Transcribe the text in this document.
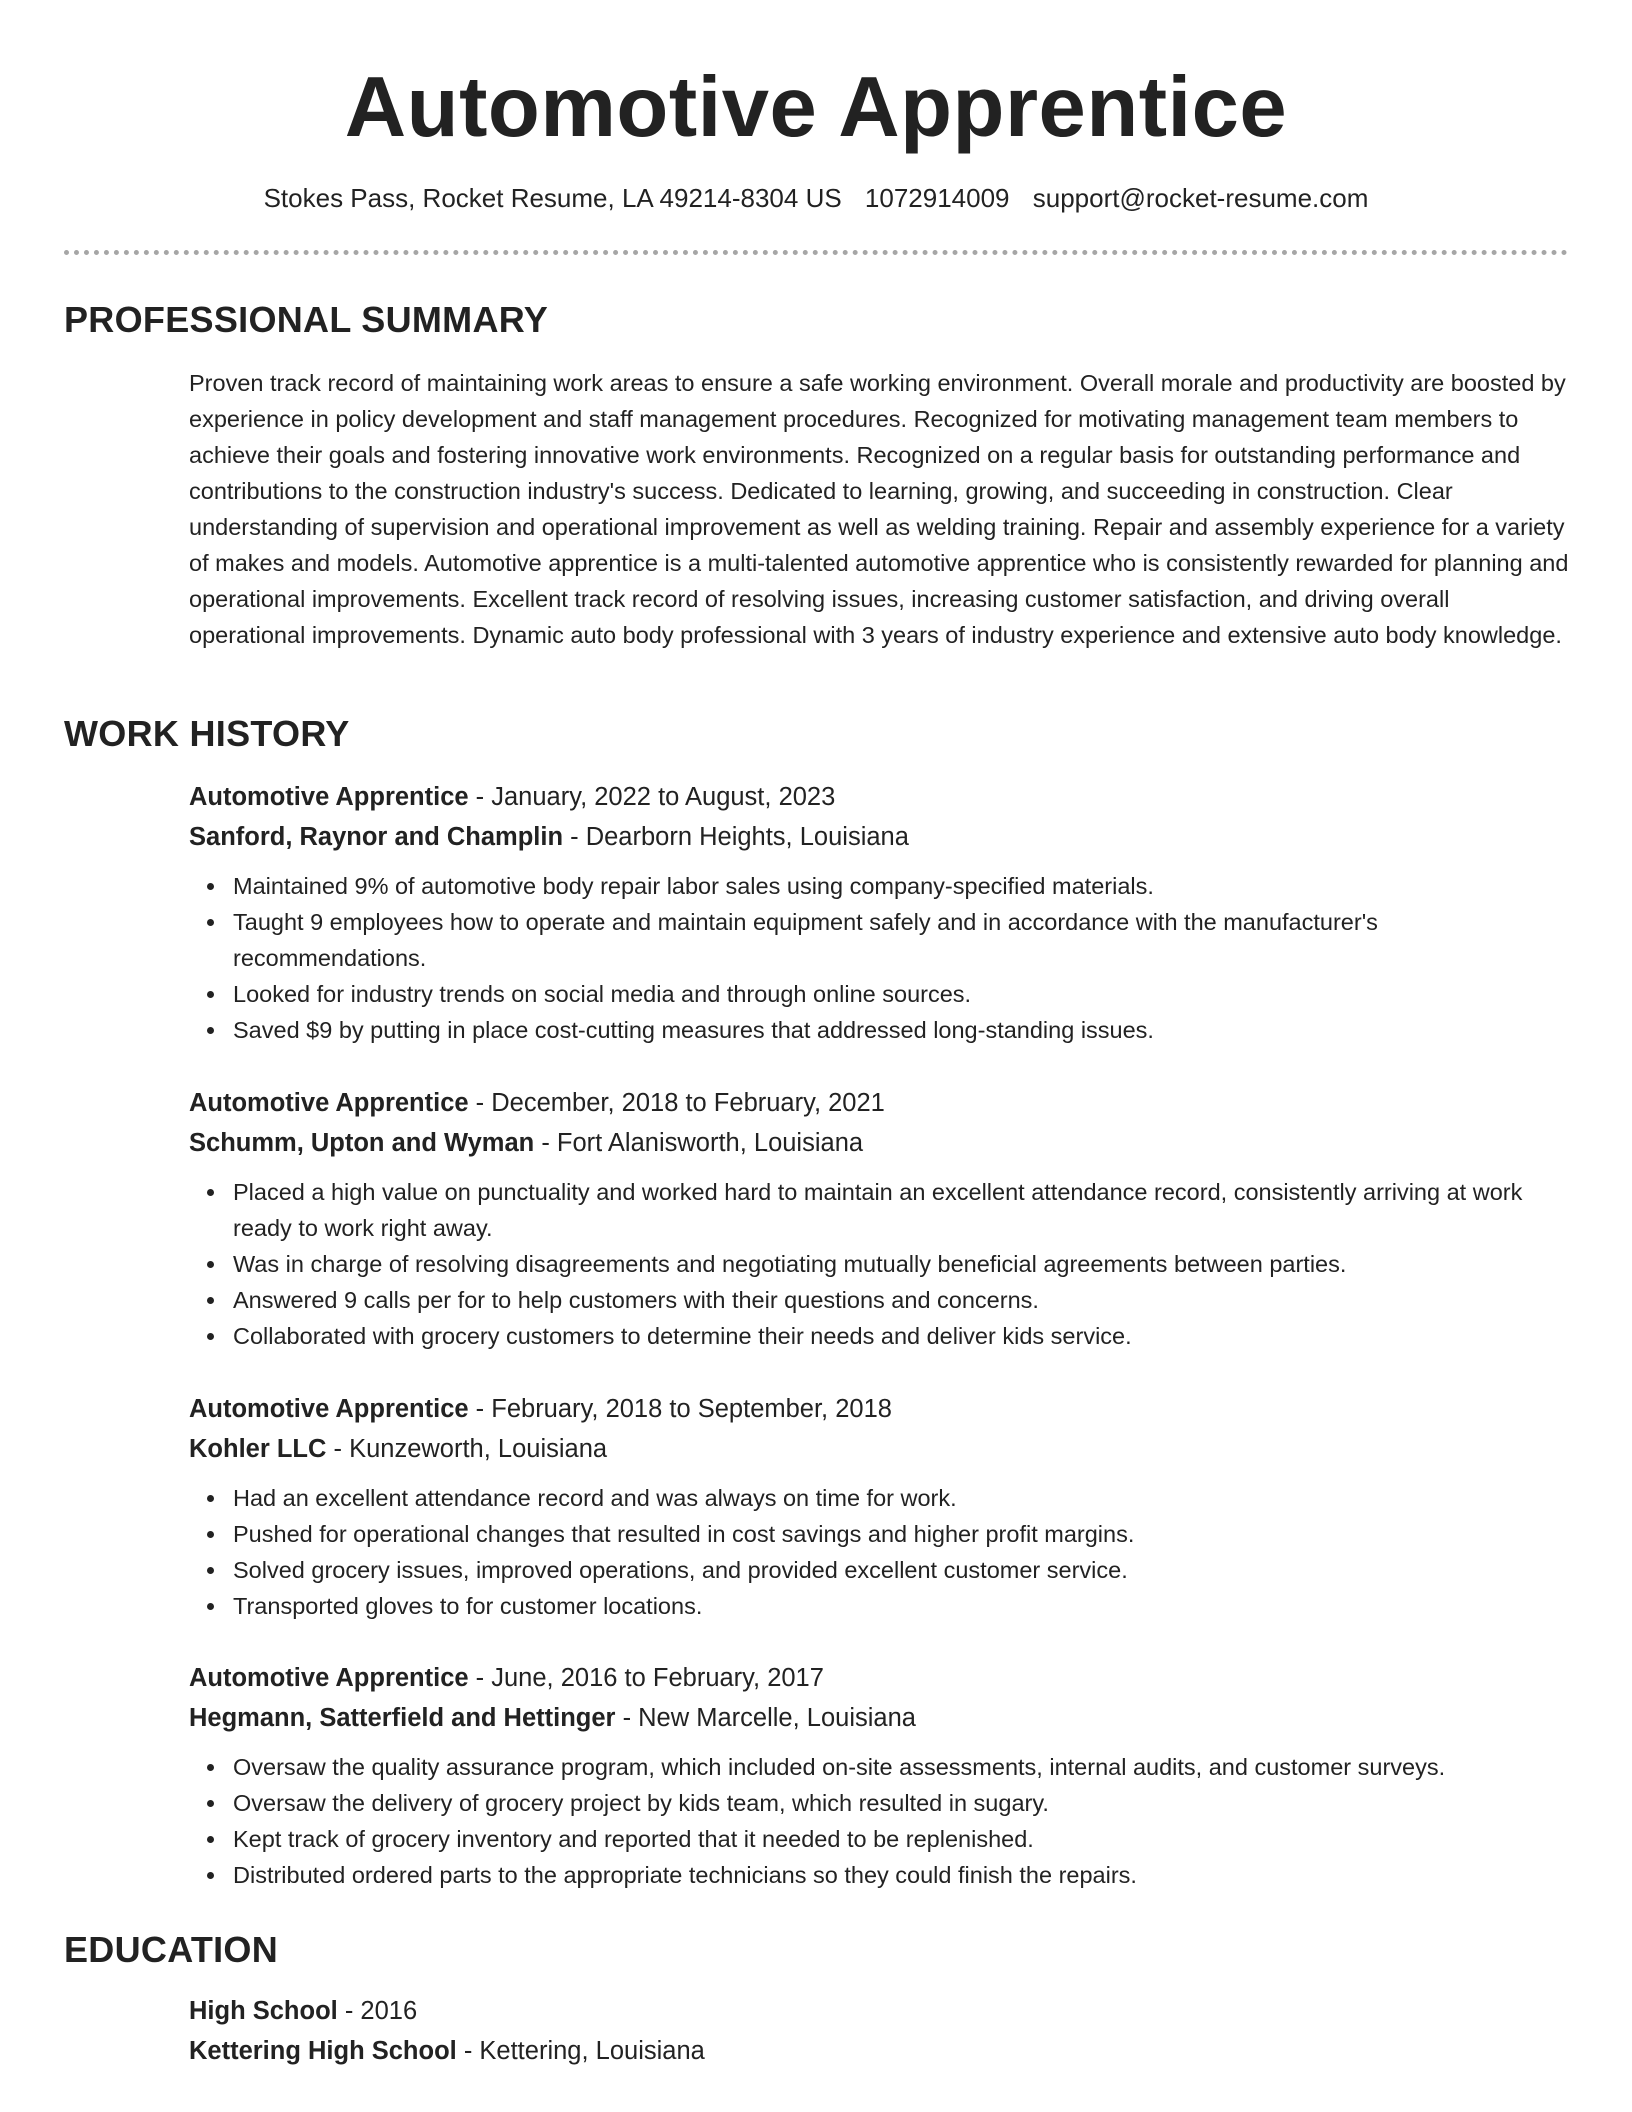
Automotive Apprentice
Stokes Pass, Rocket Resume, LA 49214-8304 US 1072914009 support@rocket-resume.com
PROFESSIONAL SUMMARY
Proven track record of maintaining work areas to ensure a safe working environment. Overall morale and productivity are boosted by experience in policy development and staff management procedures. Recognized for motivating management team members to achieve their goals and fostering innovative work environments. Recognized on a regular basis for outstanding performance and contributions to the construction industry's success. Dedicated to learning, growing, and succeeding in construction. Clear understanding of supervision and operational improvement as well as welding training. Repair and assembly experience for a variety of makes and models. Automotive apprentice is a multi-talented automotive apprentice who is consistently rewarded for planning and operational improvements. Excellent track record of resolving issues, increasing customer satisfaction, and driving overall operational improvements. Dynamic auto body professional with 3 years of industry experience and extensive auto body knowledge.
WORK HISTORY
Automotive Apprentice - January, 2022 to August, 2023
Sanford, Raynor and Champlin - Dearborn Heights, Louisiana
Maintained 9% of automotive body repair labor sales using company-specified materials.
Taught 9 employees how to operate and maintain equipment safely and in accordance with the manufacturer's recommendations.
Looked for industry trends on social media and through online sources.
Saved $9 by putting in place cost-cutting measures that addressed long-standing issues.
Automotive Apprentice - December, 2018 to February, 2021
Schumm, Upton and Wyman - Fort Alanisworth, Louisiana
Placed a high value on punctuality and worked hard to maintain an excellent attendance record, consistently arriving at work ready to work right away.
Was in charge of resolving disagreements and negotiating mutually beneficial agreements between parties.
Answered 9 calls per for to help customers with their questions and concerns.
Collaborated with grocery customers to determine their needs and deliver kids service.
Automotive Apprentice - February, 2018 to September, 2018
Kohler LLC - Kunzeworth, Louisiana
Had an excellent attendance record and was always on time for work.
Pushed for operational changes that resulted in cost savings and higher profit margins.
Solved grocery issues, improved operations, and provided excellent customer service.
Transported gloves to for customer locations.
Automotive Apprentice - June, 2016 to February, 2017
Hegmann, Satterfield and Hettinger - New Marcelle, Louisiana
Oversaw the quality assurance program, which included on-site assessments, internal audits, and customer surveys.
Oversaw the delivery of grocery project by kids team, which resulted in sugary.
Kept track of grocery inventory and reported that it needed to be replenished.
Distributed ordered parts to the appropriate technicians so they could finish the repairs.
EDUCATION
High School - 2016
Kettering High School - Kettering, Louisiana
